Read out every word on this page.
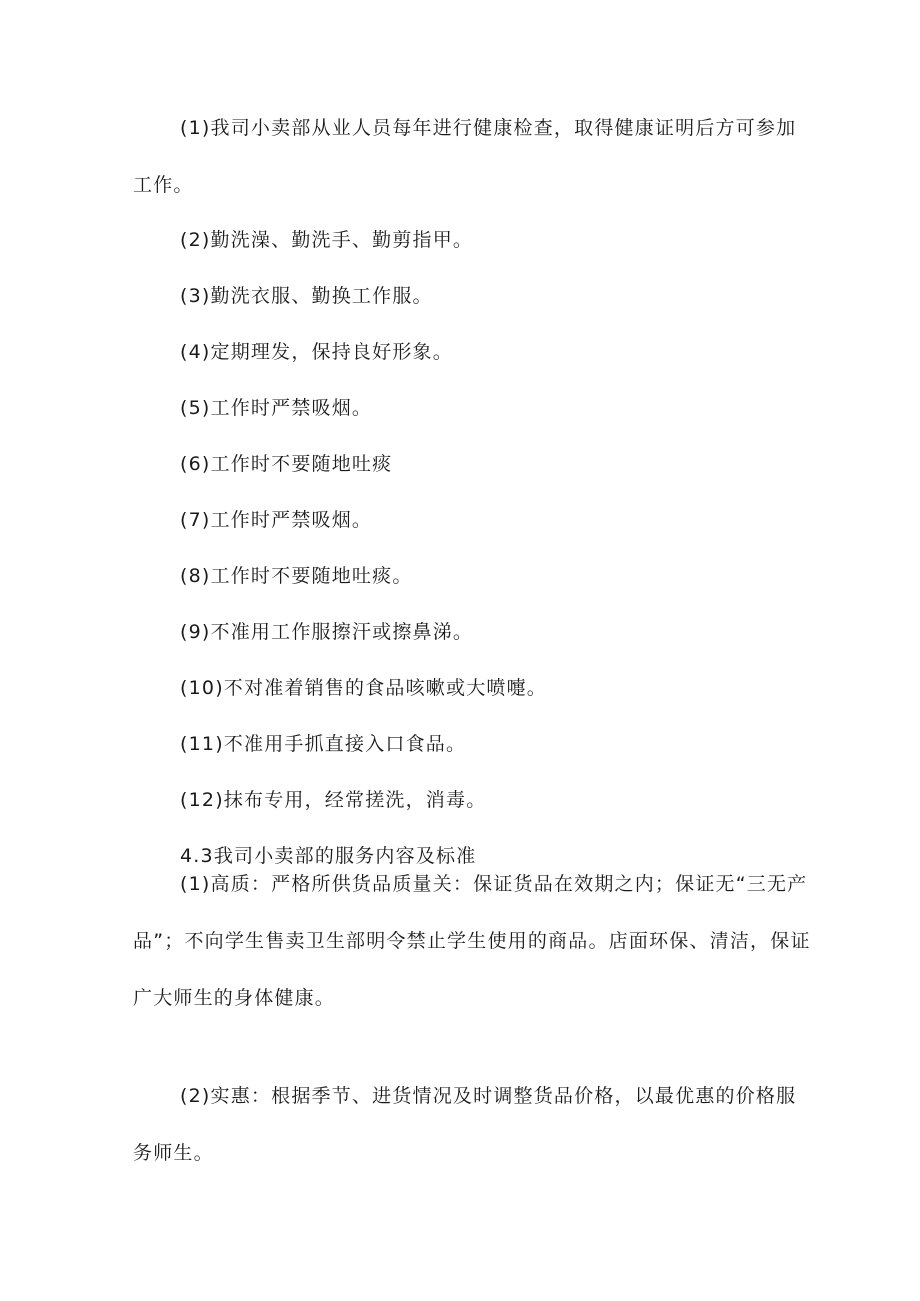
(1)我司小卖部从业人员每年进行健康检查，取得健康证明后方可参加工作。

(2)勤洗澡、勤洗手、勤剪指甲。

(3)勤洗衣服、勤换工作服。

(4)定期理发，保持良好形象。

(5)工作时严禁吸烟。

(6)工作时不要随地吐痰

(7)工作时严禁吸烟。

(8)工作时不要随地吐痰。

(9)不准用工作服擦汗或擦鼻涕。

(10)不对准着销售的食品咳嗽或大喷嚏。

(11)不准用手抓直接入口食品。

(12)抹布专用，经常搓洗，消毒。

4.3我司小卖部的服务内容及标准

(1)高质：严格所供货品质量关：保证货品在效期之内；保证无“三无产品”；不向学生售卖卫生部明令禁止学生使用的商品。店面环保、清洁，保证广大师生的身体健康。

(2)实惠：根据季节、进货情况及时调整货品价格，以最优惠的价格服务师生。
